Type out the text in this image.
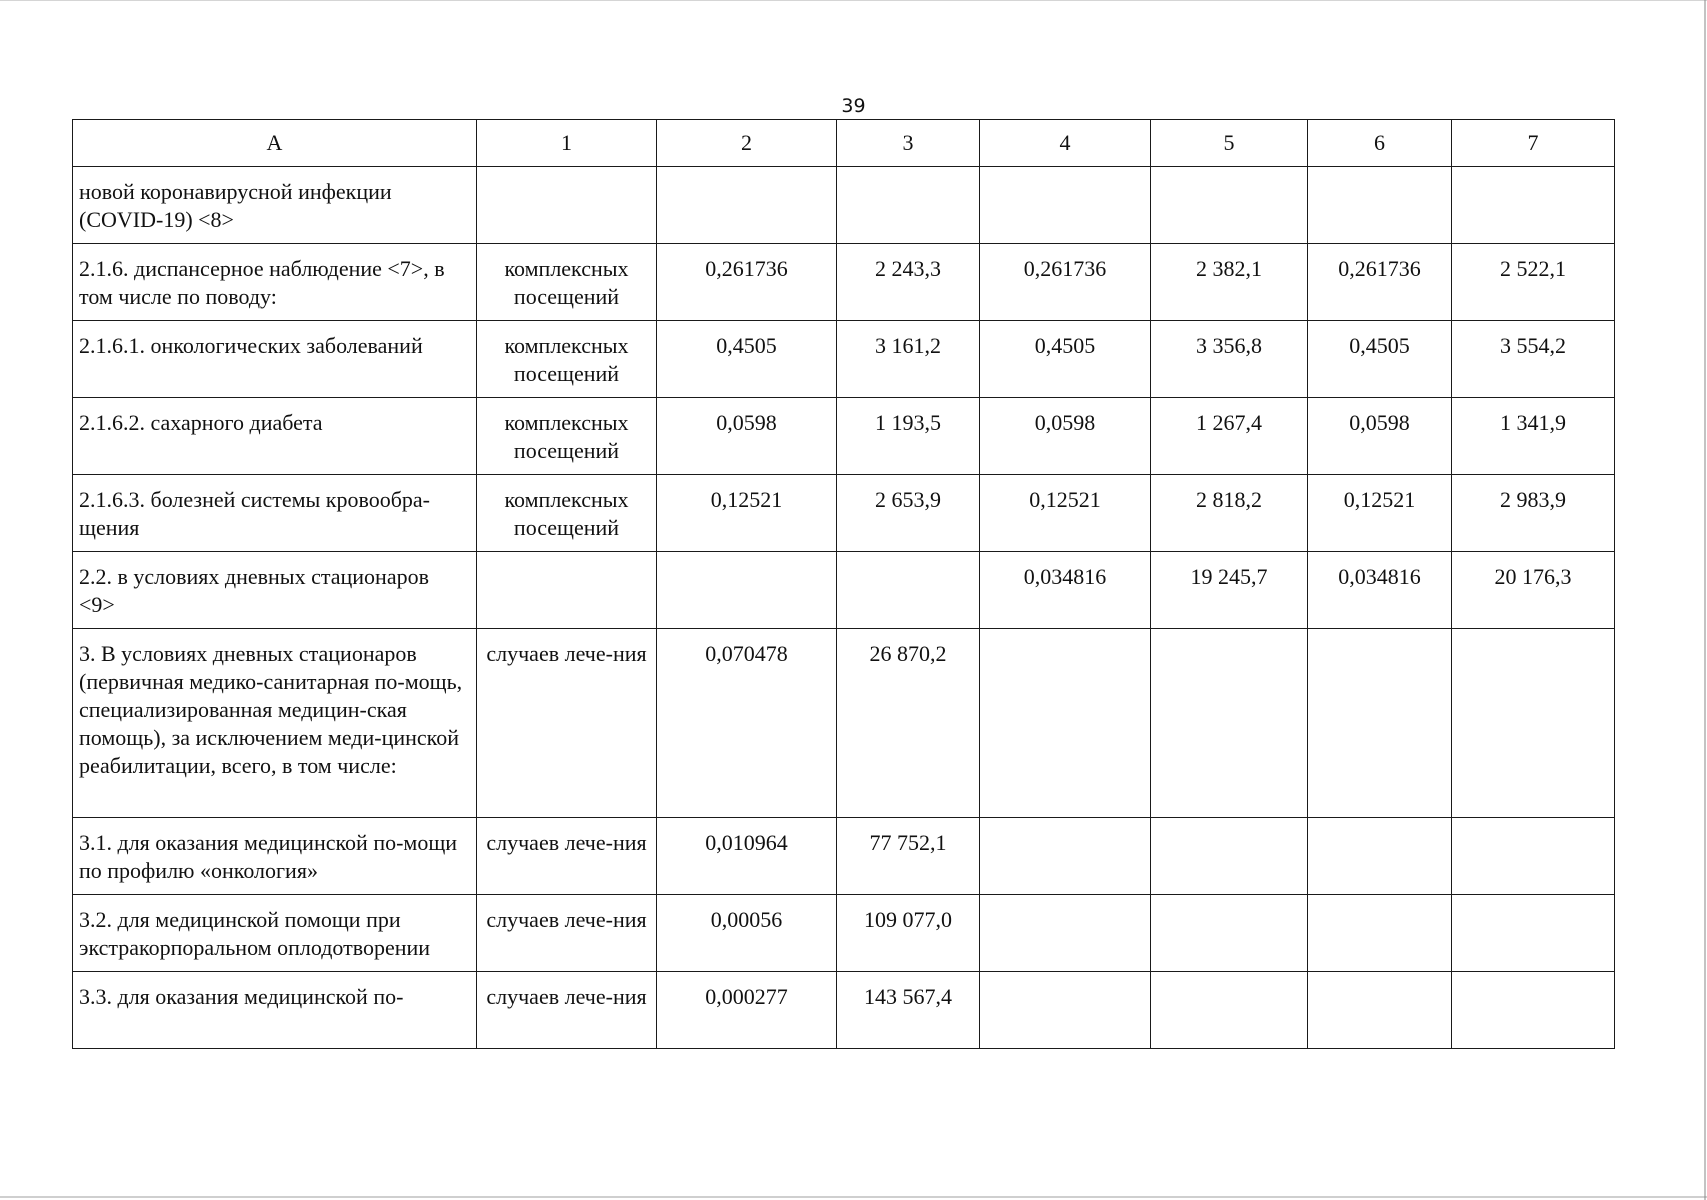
39
A	1	2	3	4	5	6	7
новой коронавирусной инфекции (COVID-19) <8>							
2.1.6. диспансерное наблюдение <7>, в том числе по поводу:	комплексных посещений	0,261736	2 243,3	0,261736	2 382,1	0,261736	2 522,1
2.1.6.1. онкологических заболеваний	комплексных посещений	0,4505	3 161,2	0,4505	3 356,8	0,4505	3 554,2
2.1.6.2. сахарного диабета	комплексных посещений	0,0598	1 193,5	0,0598	1 267,4	0,0598	1 341,9
2.1.6.3. болезней системы кровообра-щения	комплексных посещений	0,12521	2 653,9	0,12521	2 818,2	0,12521	2 983,9
2.2. в условиях дневных стационаров <9>				0,034816	19 245,7	0,034816	20 176,3
3. В условиях дневных стационаров (первичная медико-санитарная по-мощь, специализированная медицин-ская помощь), за исключением меди-цинской реабилитации, всего, в том числе:	случаев лече-ния	0,070478	26 870,2				
3.1. для оказания медицинской по-мощи по профилю «онкология»	случаев лече-ния	0,010964	77 752,1				
3.2. для медицинской помощи при экстракорпоральном оплодотворении	случаев лече-ния	0,00056	109 077,0				
3.3. для оказания медицинской по-	случаев лече-ния	0,000277	143 567,4				
